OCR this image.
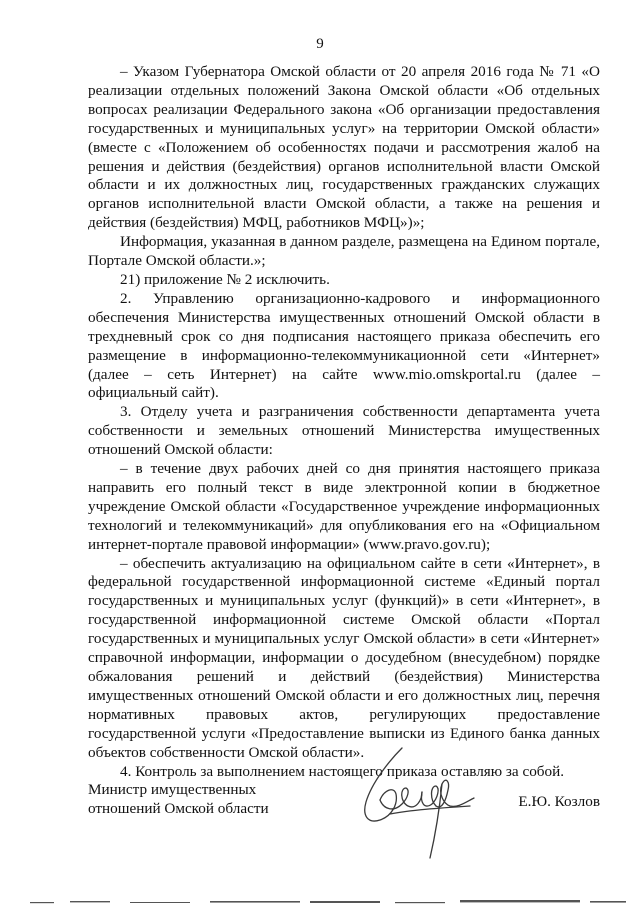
9

– Указом Губернатора Омской области от 20 апреля 2016 года № 71 «О реализации отдельных положений Закона Омской области «Об отдельных вопросах реализации Федерального закона «Об организации предоставления государственных и муниципальных услуг» на территории Омской области» (вместе с «Положением об особенностях подачи и рассмотрения жалоб на решения и действия (бездействия) органов исполнительной власти Омской области и их должностных лиц, государственных гражданских служащих органов исполнительной власти Омской области, а также на решения и действия (бездействия) МФЦ, работников МФЦ»)»;

Информация, указанная в данном разделе, размещена на Едином портале, Портале Омской области.»;

21) приложение № 2 исключить.

2. Управлению организационно-кадрового и информационного обеспечения Министерства имущественных отношений Омской области в трехдневный срок со дня подписания настоящего приказа обеспечить его размещение в информационно-телекоммуникационной сети «Интернет» (далее – сеть Интернет) на сайте www.mio.omskportal.ru (далее – официальный сайт).

3. Отделу учета и разграничения собственности департамента учета собственности и земельных отношений Министерства имущественных отношений Омской области:

– в течение двух рабочих дней со дня принятия настоящего приказа направить его полный текст в виде электронной копии в бюджетное учреждение Омской области «Государственное учреждение информационных технологий и телекоммуникаций» для опубликования его на «Официальном интернет-портале правовой информации» (www.pravo.gov.ru);

– обеспечить актуализацию на официальном сайте в сети «Интернет», в федеральной государственной информационной системе «Единый портал государственных и муниципальных услуг (функций)» в сети «Интернет», в государственной информационной системе Омской области «Портал государственных и муниципальных услуг Омской области» в сети «Интернет» справочной информации, информации о досудебном (внесудебном) порядке обжалования решений и действий (бездействия) Министерства имущественных отношений Омской области и его должностных лиц, перечня нормативных правовых актов, регулирующих предоставление государственной услуги «Предоставление выписки из Единого банка данных объектов собственности Омской области».

4. Контроль за выполнением настоящего приказа оставляю за собой.

Министр имущественных
отношений Омской области	Е.Ю. Козлов
